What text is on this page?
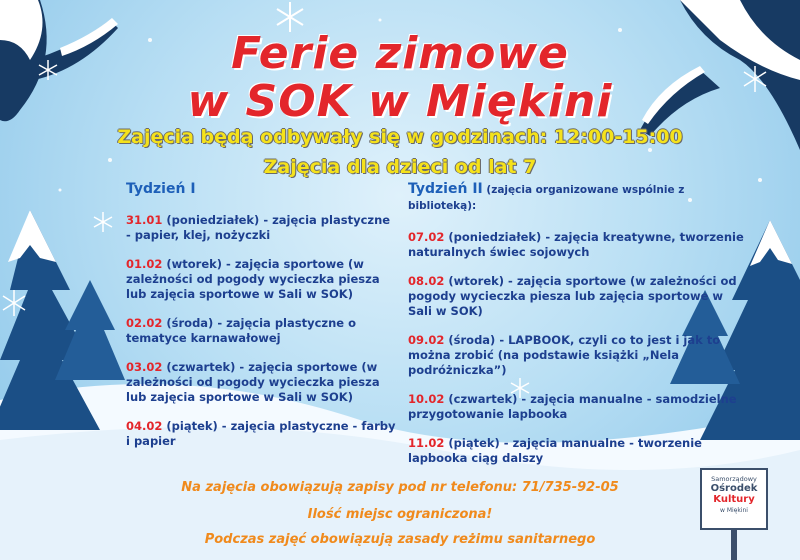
Ferie zimowe
w SOK w Miękini
Zajęcia będą odbywały się w godzinach: 12:00-15:00
Zajęcia dla dzieci od lat 7
Tydzień I
31.01 (poniedziałek) - zajęcia plastyczne - papier, klej, nożyczki
01.02 (wtorek) - zajęcia sportowe (w zależności od pogody wycieczka piesza lub zajęcia sportowe w Sali w SOK)
02.02 (środa) - zajęcia plastyczne o tematyce karnawałowej
03.02 (czwartek) - zajęcia sportowe (w zależności od pogody wycieczka piesza lub zajęcia sportowe w Sali w SOK)
04.02 (piątek) - zajęcia plastyczne - farby i papier
Tydzień II (zajęcia organizowane wspólnie z biblioteką):
07.02 (poniedziałek) - zajęcia kreatywne, tworzenie naturalnych świec sojowych
08.02 (wtorek) - zajęcia sportowe (w zależności od pogody wycieczka piesza lub zajęcia sportowe w Sali w SOK)
09.02 (środa) - LAPBOOK, czyli co to jest i jak to można zrobić (na podstawie książki „Nela podróżniczka”)
10.02 (czwartek) - zajęcia manualne - samodzielne przygotowanie lapbooka
11.02 (piątek) - zajęcia manualne - tworzenie lapbooka ciąg dalszy
Na zajęcia obowiązują zapisy pod nr telefonu: 71/735-92-05
Ilość miejsc ograniczona!
Podczas zajęć obowiązują zasady reżimu sanitarnego
Samorządowy
Ośrodek
Kultury
w Miękini
